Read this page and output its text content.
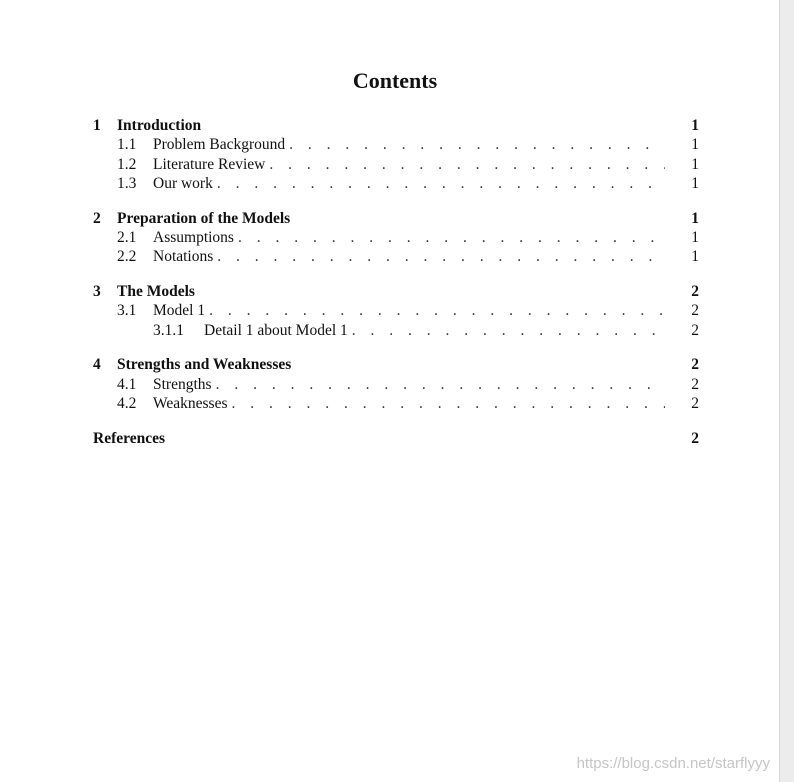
Contents
1	Introduction	1
1.1	Problem Background . . .	1
1.2	Literature Review . . .	1
1.3	Our work . . .	1
2	Preparation of the Models	1
2.1	Assumptions . . .	1
2.2	Notations . . .	1
3	The Models	2
3.1	Model 1 . . .	2
3.1.1	Detail 1 about Model 1 . . .	2
4	Strengths and Weaknesses	2
4.1	Strengths . . .	2
4.2	Weaknesses . . .	2
References	2
https://blog.csdn.net/starflyyy
